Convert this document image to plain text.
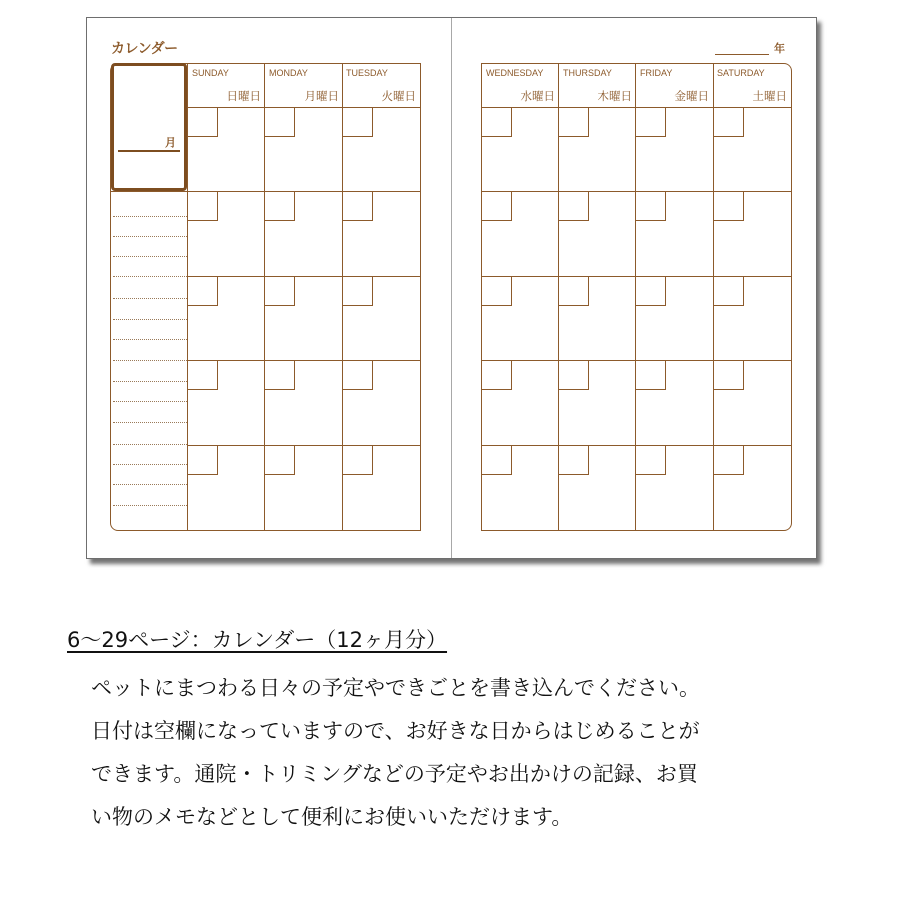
カレンダー
SUNDAY
日曜日
MONDAY
月曜日
TUESDAY
火曜日
月
年
WEDNESDAY
水曜日
THURSDAY
木曜日
FRIDAY
金曜日
SATURDAY
土曜日
6～29ページ：カレンダー（12ヶ月分）
ペットにまつわる日々の予定やできごとを書き込んでください。
日付は空欄になっていますので、お好きな日からはじめることが
できます。通院・トリミングなどの予定やお出かけの記録、お買
い物のメモなどとして便利にお使いいただけます。
